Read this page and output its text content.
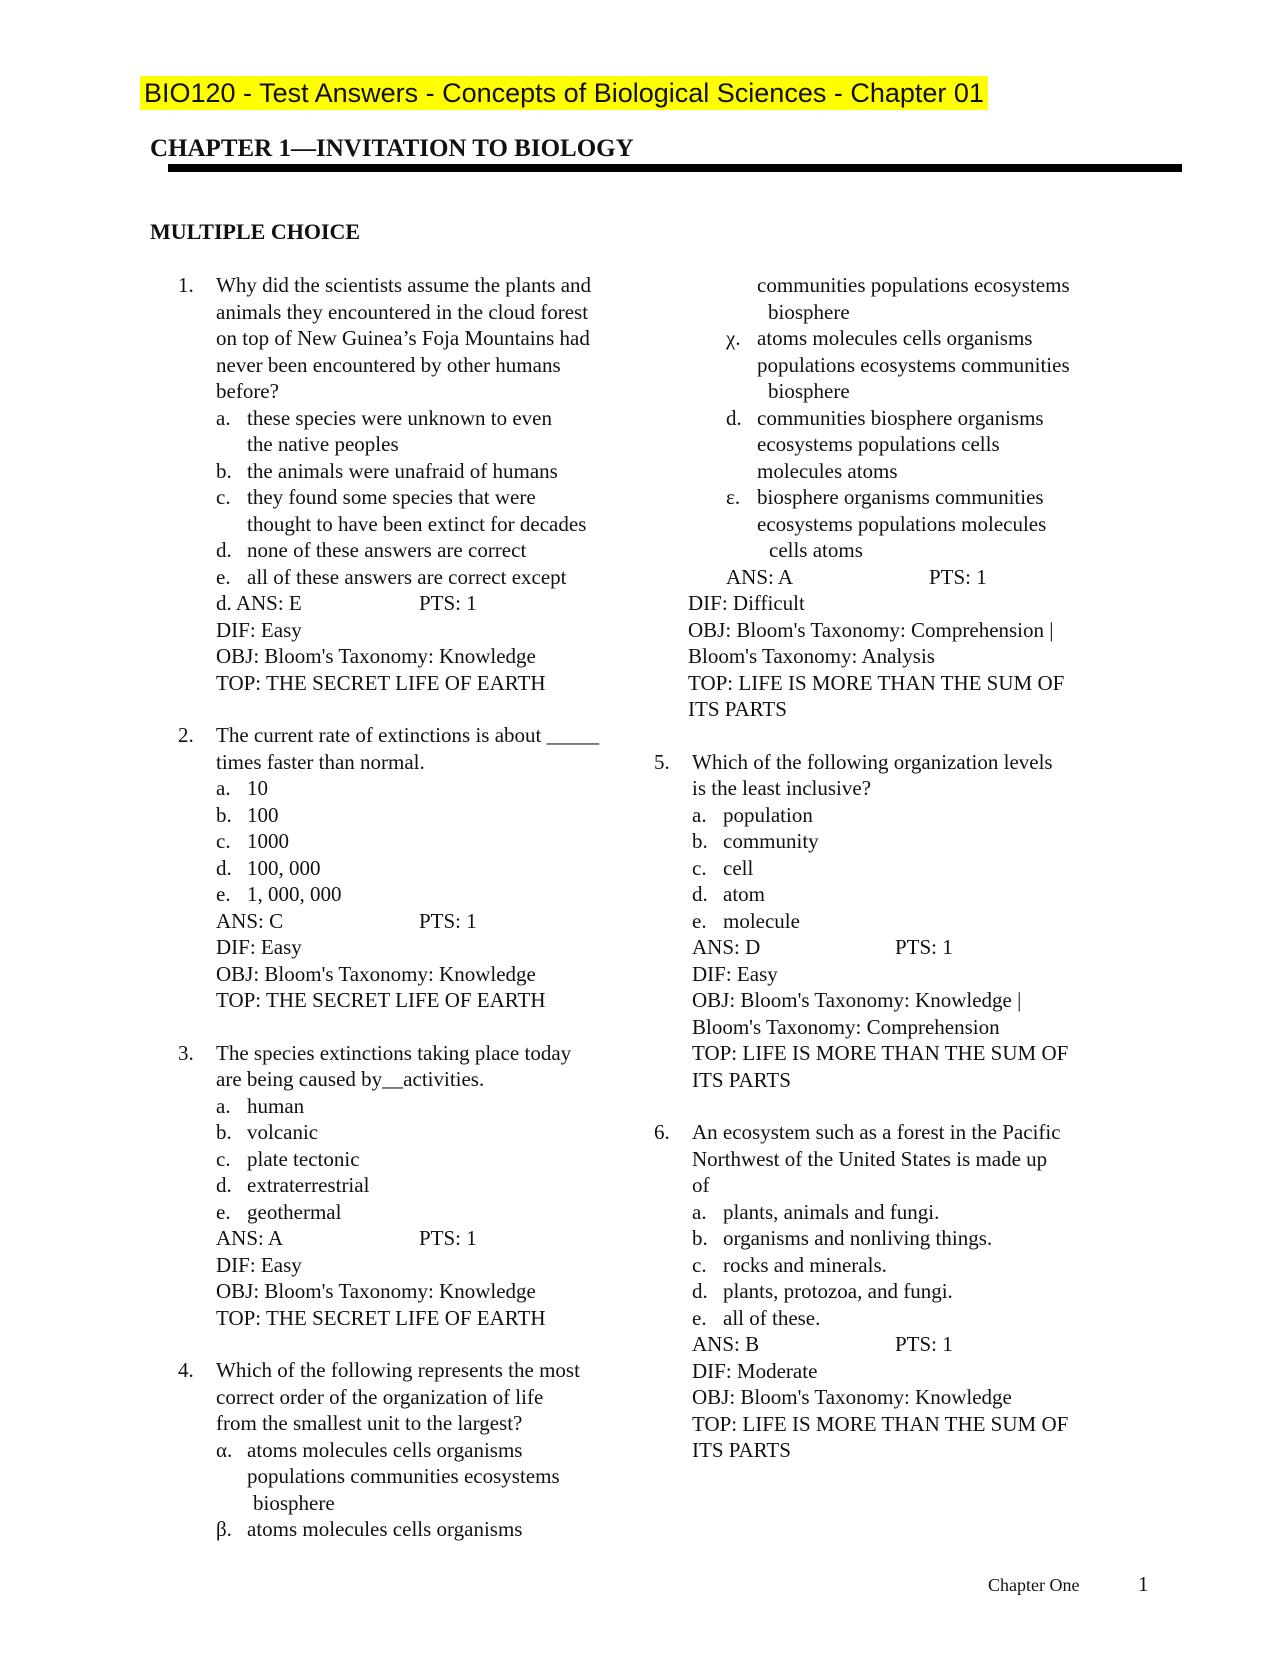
BIO120 - Test Answers - Concepts of Biological Sciences - Chapter 01
CHAPTER 1—INVITATION TO BIOLOGY
MULTIPLE CHOICE
1. Why did the scientists assume the plants and
animals they encountered in the cloud forest
on top of New Guinea’s Foja Mountains had
never been encountered by other humans
before?
a. these species were unknown to even
the native peoples
b. the animals were unafraid of humans
c. they found some species that were
thought to have been extinct for decades
d. none of these answers are correct
e. all of these answers are correct except
d. ANS: E	PTS: 1

DIF: Easy
OBJ: Bloom's Taxonomy: Knowledge
TOP: THE SECRET LIFE OF EARTH
2. The current rate of extinctions is about _____
times faster than normal.
a. 10
b. 100
c. 1000
d. 100, 000
e. 1, 000, 000
ANS: C	PTS: 1

DIF: Easy
OBJ: Bloom's Taxonomy: Knowledge
TOP: THE SECRET LIFE OF EARTH
3. The species extinctions taking place today
are being caused by__activities.
a. human
b. volcanic
c. plate tectonic
d. extraterrestrial
e. geothermal
ANS: A	PTS: 1

DIF: Easy
OBJ: Bloom's Taxonomy: Knowledge
TOP: THE SECRET LIFE OF EARTH
4. Which of the following represents the most
correct order of the organization of life
from the smallest unit to the largest?
α. atoms molecules cells organisms
populations communities ecosystems
biosphere
β. atoms molecules cells organisms
communities populations ecosystems
biosphere
χ. atoms molecules cells organisms
populations ecosystems communities
biosphere
d. communities biosphere organisms
ecosystems populations cells
molecules atoms
ε. biosphere organisms communities
ecosystems populations molecules
cells atoms
ANS: A	PTS: 1

DIF: Difficult
OBJ: Bloom's Taxonomy: Comprehension |
Bloom's Taxonomy: Analysis
TOP: LIFE IS MORE THAN THE SUM OF
ITS PARTS
5. Which of the following organization levels
is the least inclusive?
a. population
b. community
c. cell
d. atom
e. molecule
ANS: D	PTS: 1

DIF: Easy
OBJ: Bloom's Taxonomy: Knowledge |
Bloom's Taxonomy: Comprehension
TOP: LIFE IS MORE THAN THE SUM OF
ITS PARTS
6. An ecosystem such as a forest in the Pacific
Northwest of the United States is made up
of
a. plants, animals and fungi.
b. organisms and nonliving things.
c. rocks and minerals.
d. plants, protozoa, and fungi.
e. all of these.
ANS: B	PTS: 1

DIF: Moderate
OBJ: Bloom's Taxonomy: Knowledge
TOP: LIFE IS MORE THAN THE SUM OF
ITS PARTS
Chapter One	1
